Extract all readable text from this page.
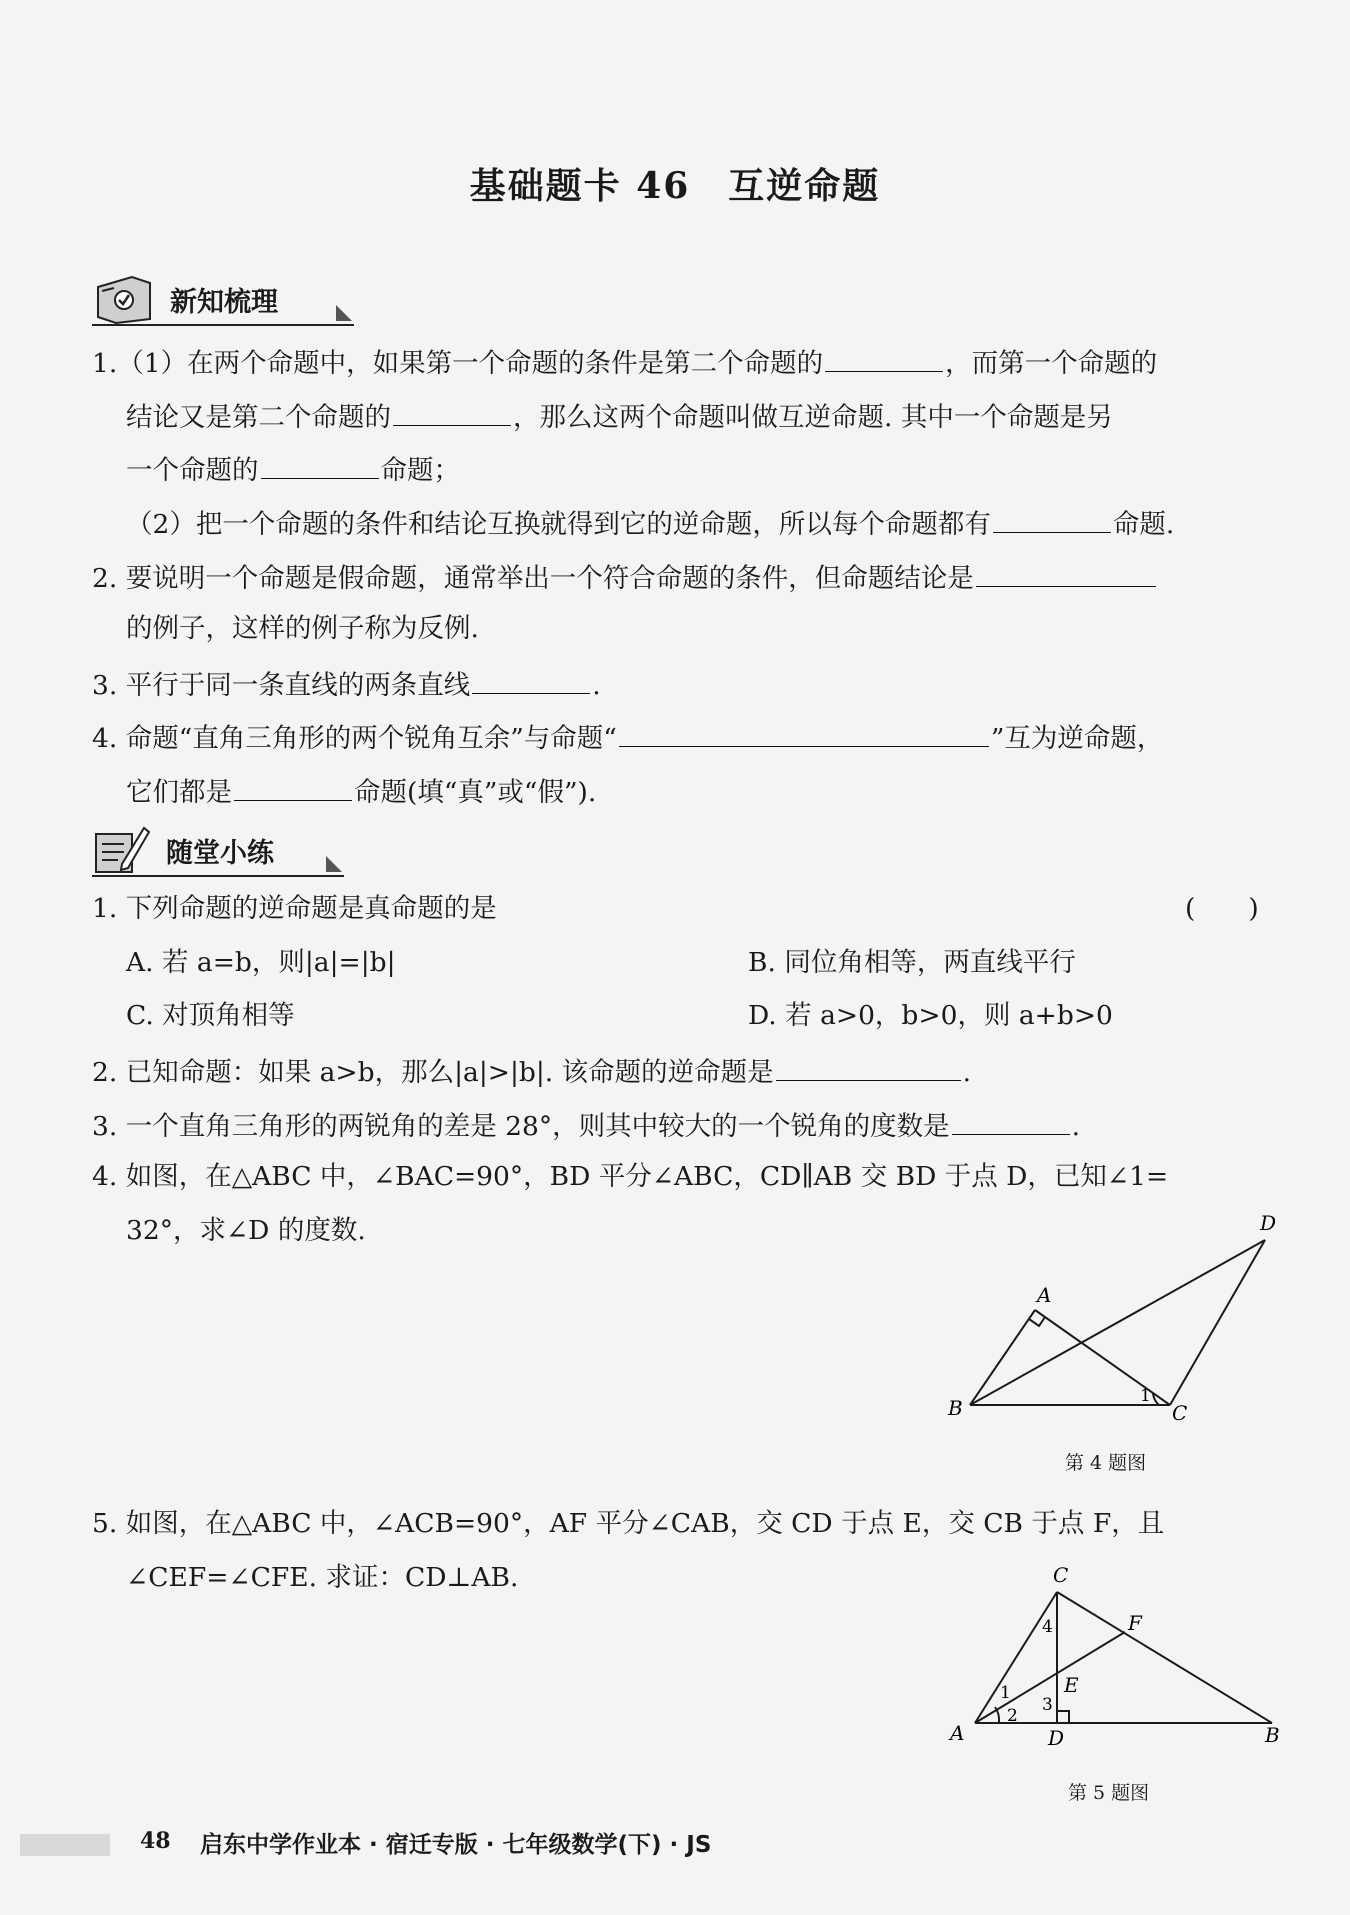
基础题卡 46　互逆命题
新知梳理
1.（1）在两个命题中，如果第一个命题的条件是第二个命题的	，而第一个命题的
结论又是第二个命题的	，那么这两个命题叫做互逆命题. 其中一个命题是另
一个命题的	命题；
（2）把一个命题的条件和结论互换就得到它的逆命题，所以每个命题都有	命题.
2. 要说明一个命题是假命题，通常举出一个符合命题的条件，但命题结论是
的例子，这样的例子称为反例.
3. 平行于同一条直线的两条直线	.
4. 命题“直角三角形的两个锐角互余”与命题“	”互为逆命题，
它们都是	命题(填“真”或“假”).
随堂小练
1. 下列命题的逆命题是真命题的是	(　　)
A. 若 a=b，则|a|=|b|	B. 同位角相等，两直线平行
C. 对顶角相等	D. 若 a>0，b>0，则 a+b>0
2. 已知命题：如果 a>b，那么|a|>|b|. 该命题的逆命题是	.
3. 一个直角三角形的两锐角的差是 28°，则其中较大的一个锐角的度数是	.
4. 如图，在△ABC 中，∠BAC=90°，BD 平分∠ABC，CD∥AB 交 BD 于点 D，已知∠1=
32°，求∠D 的度数.
A
B	C
D
1
第 4 题图
5. 如图，在△ABC 中，∠ACB=90°，AF 平分∠CAB，交 CD 于点 E，交 CB 于点 F，且
∠CEF=∠CFE. 求证：CD⊥AB.	C
A	B
D
E
F
1
2
3
4
第 5 题图
48 启东中学作业本 · 宿迁专版 · 七年级数学(下) · JS
